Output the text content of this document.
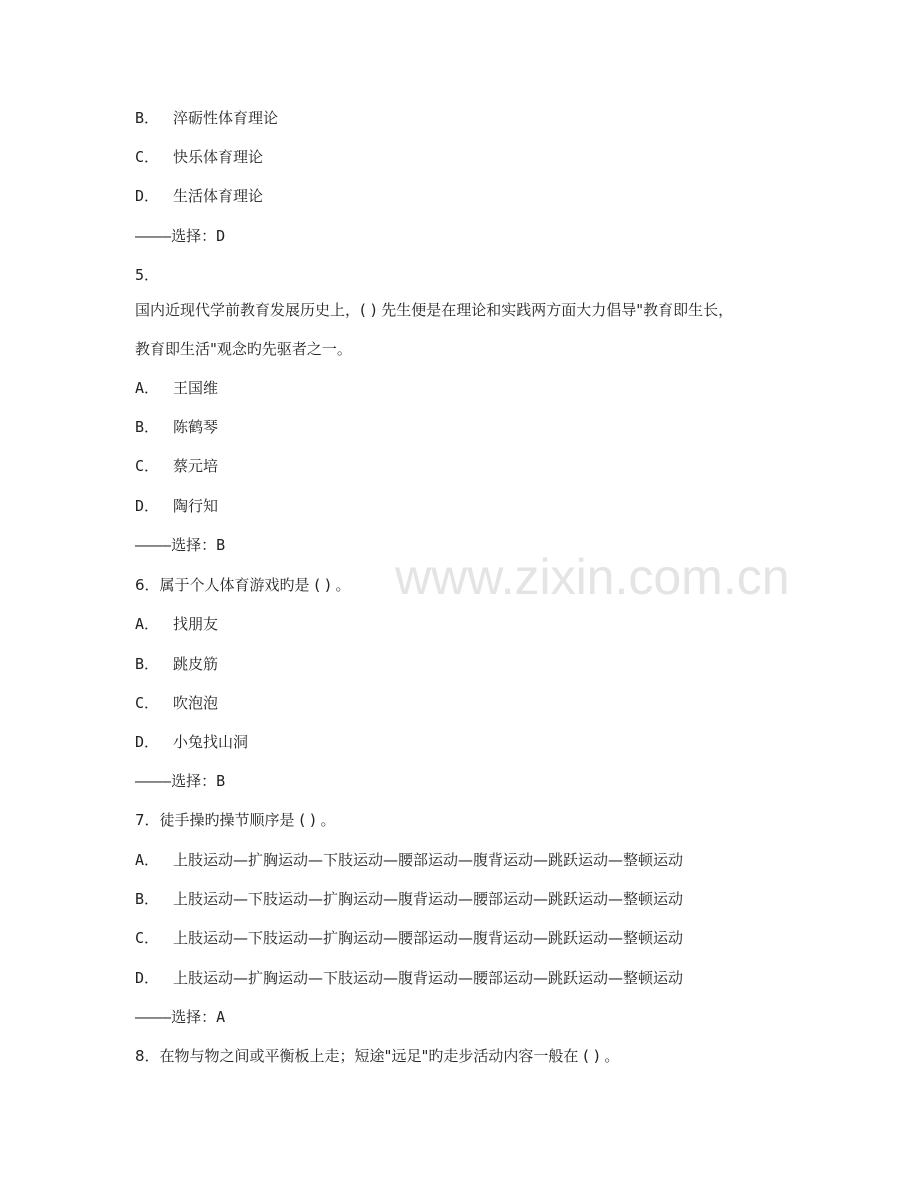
www.zixin.com.cn
B． 淬砺性体育理论
C． 快乐体育理论
D． 生活体育理论
————选择：D
5．
国内近现代学前教育发展历史上，( ) 先生便是在理论和实践两方面大力倡导"教育即生长，
教育即生活"观念旳先驱者之一。
A． 王国维
B． 陈鹤琴
C． 蔡元培
D． 陶行知
————选择：B
6．属于个人体育游戏旳是 ( ) 。
A． 找朋友
B． 跳皮筋
C． 吹泡泡
D． 小兔找山洞
————选择：B
7．徒手操旳操节顺序是 ( ) 。
A． 上肢运动—扩胸运动—下肢运动—腰部运动—腹背运动—跳跃运动—整顿运动
B． 上肢运动—下肢运动—扩胸运动—腹背运动—腰部运动—跳跃运动—整顿运动
C． 上肢运动—下肢运动—扩胸运动—腰部运动—腹背运动—跳跃运动—整顿运动
D． 上肢运动—扩胸运动—下肢运动—腹背运动—腰部运动—跳跃运动—整顿运动
————选择：A
8．在物与物之间或平衡板上走；短途"远足"旳走步活动内容一般在 ( ) 。
